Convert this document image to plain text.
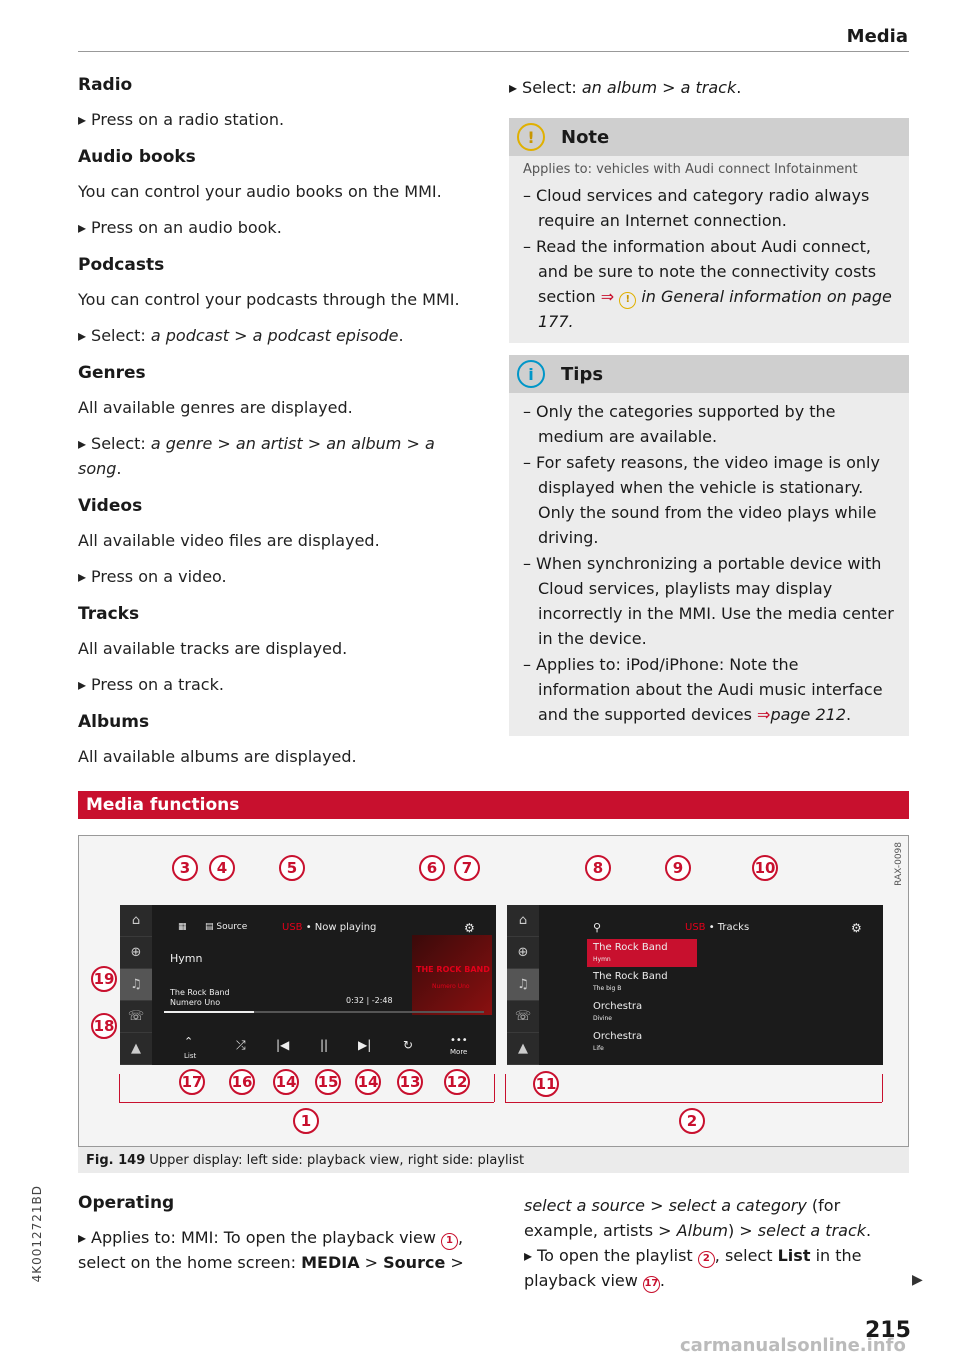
Media
Radio

▸ Press on a radio station.

Audio books

You can control your audio books on the MMI.

▸ Press on an audio book.

Podcasts

You can control your podcasts through the MMI.

▸ Select: a podcast > a podcast episode.

Genres

All available genres are displayed.

▸ Select: a genre > an artist > an album > a song.

Videos

All available video files are displayed.

▸ Press on a video.

Tracks

All available tracks are displayed.

▸ Press on a track.

Albums

All available albums are displayed.

▸ Select: an album > a track.

!	Note
Applies to: vehicles with Audi connect Infotainment
– Cloud services and category radio always require an Internet connection.
– Read the information about Audi connect, and be sure to note the connectivity costs section ⇒ ! in General information on page 177.
i	Tips
– Only the categories supported by the medium are available.
– For safety reasons, the video image is only displayed when the vehicle is stationary. Only the sound from the video plays while driving.
– When synchronizing a portable device with Cloud services, playlists may display incorrectly in the MMI. Use the media center in the device.
– Applies to: iPod/iPhone: Note the information about the Audi music interface and the supported devices ⇒page 212.
Media functions
RAX-0098
⌂
⊕
♫
☏
▲
▦ ▤ Source	USB • Now playing	⚙
Hymn
The Rock Band
Numero Uno	0:32 | -2:48
THE ROCK BAND
Numero Uno
⌃
List
⤮	|◀	|| ▶|	↻	•••
More
⌂
⊕
♫
☏
▲
⚲	USB • Tracks	⚙
The Rock Band
Hymn
The Rock Band
The big B
Orchestra
Divine
Orchestra
Life
3	4	5	6	7	8	9	10
19
18
17 16 14 15 14 13 12	11
1	2
Fig. 149 Upper display: left side: playback view, right side: playlist
Operating

▸ Applies to: MMI: To open the playback view 1 , select on the home screen: MEDIA > Source >

select a source > select a category (for example, artists > Album) > select a track.

▸ To open the playlist 2 , select List in the playback view 17.	▶
4K0012721BD
215
carmanualsonline.info
